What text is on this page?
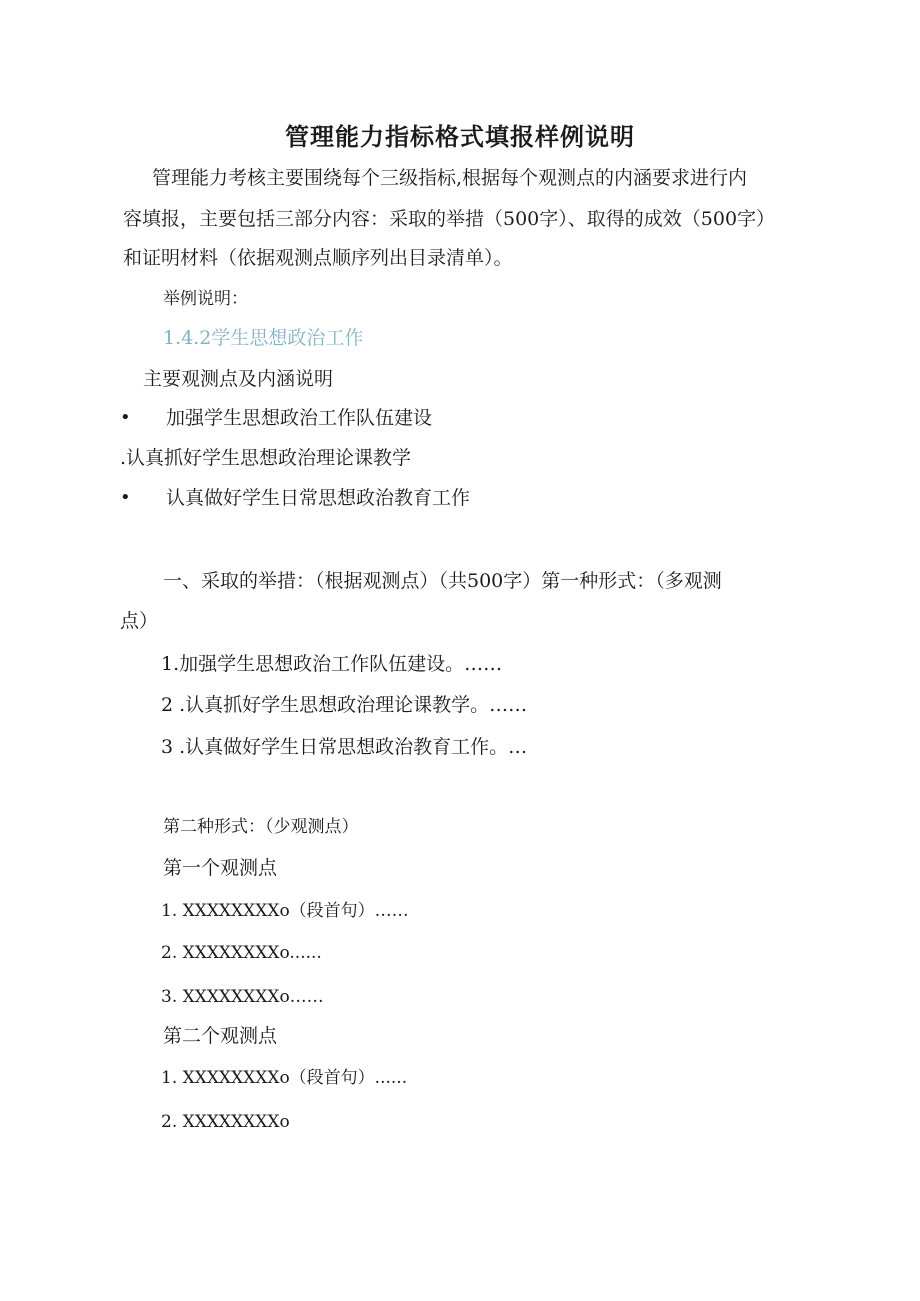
管理能力指标格式填报样例说明
管理能力考核主要围绕每个三级指标,根据每个观测点的内涵要求进行内
容填报，主要包括三部分内容：采取的举措（500字）、取得的成效（500字）
和证明材料（依据观测点顺序列出目录清单）。
举例说明：
1.4.2学生思想政治工作
主要观测点及内涵说明
• 加强学生思想政治工作队伍建设
.认真抓好学生思想政治理论课教学
• 认真做好学生日常思想政治教育工作
一、采取的举措：（根据观测点）（共500字）第一种形式：（多观测
点）
1.加强学生思想政治工作队伍建设。……
2 .认真抓好学生思想政治理论课教学。……
3 .认真做好学生日常思想政治教育工作。…
第二种形式：（少观测点）
第一个观测点
1. XXXXXXXXo（段首句）……
2. XXXXXXXXo......
3. XXXXXXXXo……
第二个观测点
1. XXXXXXXXo（段首句）......
2. XXXXXXXXo
